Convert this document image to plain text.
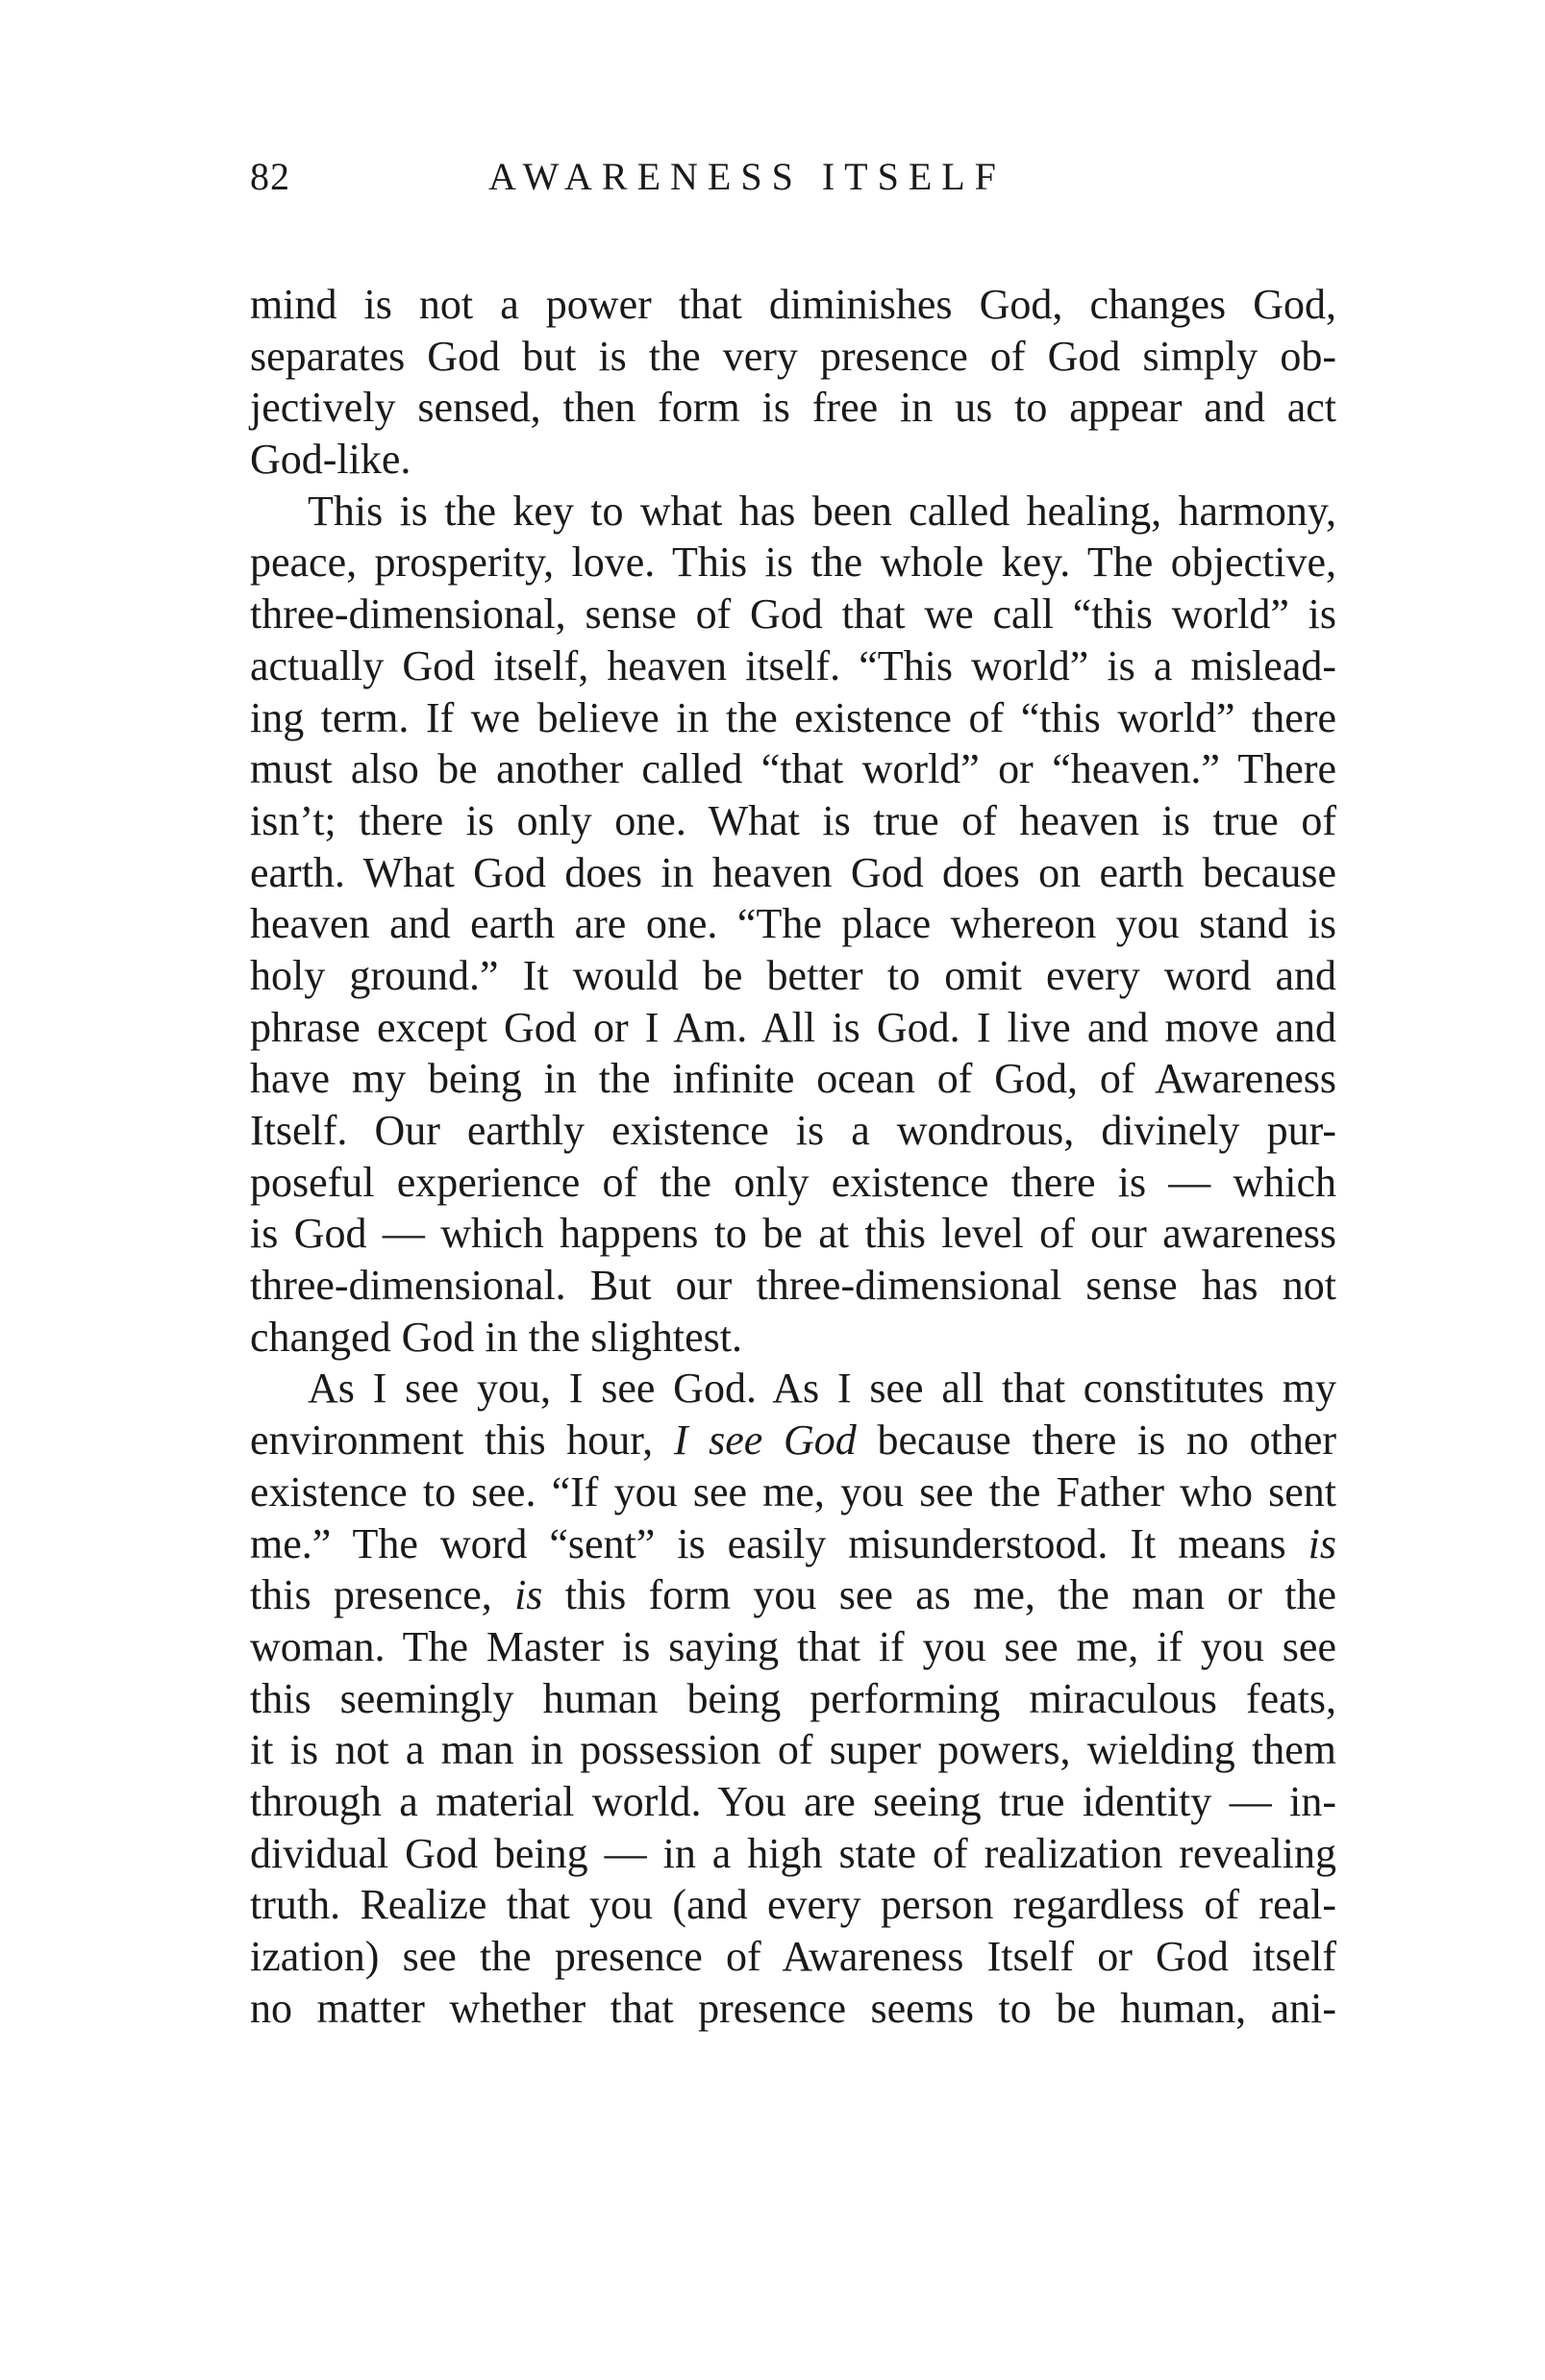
82	AWARENESS ITSELF
mind is not a power that diminishes God, changes God,
separates God but is the very presence of God simply ob-
jectively sensed, then form is free in us to appear and act
God-like.
This is the key to what has been called healing, harmony,
peace, prosperity, love. This is the whole key. The objective,
three-dimensional, sense of God that we call “this world” is
actually God itself, heaven itself. “This world” is a mislead-
ing term. If we believe in the existence of “this world” there
must also be another called “that world” or “heaven.” There
isn’t; there is only one. What is true of heaven is true of
earth. What God does in heaven God does on earth because
heaven and earth are one. “The place whereon you stand is
holy ground.” It would be better to omit every word and
phrase except God or I Am. All is God. I live and move and
have my being in the infinite ocean of God, of Awareness
Itself. Our earthly existence is a wondrous, divinely pur-
poseful experience of the only existence there is — which
is God — which happens to be at this level of our awareness
three-dimensional. But our three-dimensional sense has not
changed God in the slightest.
As I see you, I see God. As I see all that constitutes my
environment this hour, I see God because there is no other
existence to see. “If you see me, you see the Father who sent
me.” The word “sent” is easily misunderstood. It means is
this presence, is this form you see as me, the man or the
woman. The Master is saying that if you see me, if you see
this seemingly human being performing miraculous feats,
it is not a man in possession of super powers, wielding them
through a material world. You are seeing true identity — in-
dividual God being — in a high state of realization revealing
truth. Realize that you (and every person regardless of real-
ization) see the presence of Awareness Itself or God itself
no matter whether that presence seems to be human, ani-
